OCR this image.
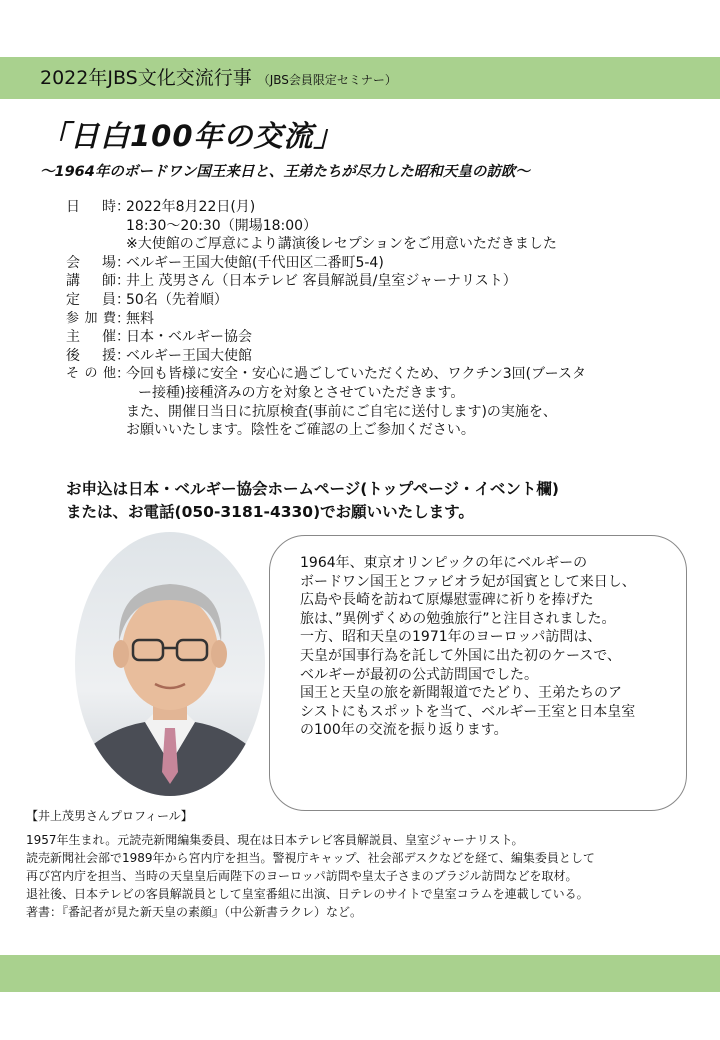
2022年JBS文化交流行事 （JBS会員限定セミナー）
「日白100年の交流」
～1964年のボードワン国王来日と、王弟たちが尽力した昭和天皇の訪欧～
日時 ：
2022年8月22日(月)
18:30～20:30（開場18:00）
※大使館のご厚意により講演後レセプションをご用意いただきました
会場 ：
ベルギー王国大使館(千代田区二番町5-4)
講師 ：
井上 茂男さん（日本テレビ 客員解説員/皇室ジャーナリスト）
定員 ：
50名（先着順）
参加費 ：
無料
主催 ：
日本・ベルギー協会
後援 ：
ベルギー王国大使館
その他 ：
今回も皆様に安全・安心に過ごしていただくため、ワクチン3回(ブースタ
ー接種)接種済みの方を対象とさせていただきます。
また、開催日当日に抗原検査(事前にご自宅に送付します)の実施を、
お願いいたします。陰性をご確認の上ご参加ください。
お申込は日本・ベルギー協会ホームページ(トップページ・イベント欄)
または、お電話(050-3181-4330)でお願いいたします。
1964年、東京オリンピックの年にベルギーの
ボードワン国王とファビオラ妃が国賓として来日し、
広島や長崎を訪ねて原爆慰霊碑に祈りを捧げた
旅は、”異例ずくめの勉強旅行”と注目されました。
一方、昭和天皇の1971年のヨーロッパ訪問は、
天皇が国事行為を託して外国に出た初のケースで、
ベルギーが最初の公式訪問国でした。
国王と天皇の旅を新聞報道でたどり、王弟たちのア
シストにもスポットを当て、ベルギー王室と日本皇室
の100年の交流を振り返ります。
【井上茂男さんプロフィール】
1957年生まれ。元読売新聞編集委員、現在は日本テレビ客員解説員、皇室ジャーナリスト。
読売新聞社会部で1989年から宮内庁を担当。警視庁キャップ、社会部デスクなどを経て、編集委員として
再び宮内庁を担当、当時の天皇皇后両陛下のヨーロッパ訪問や皇太子さまのブラジル訪問などを取材。
退社後、日本テレビの客員解説員として皇室番組に出演、日テレのサイトで皇室コラムを連載している。
著書：『番記者が見た新天皇の素顔』（中公新書ラクレ）など。
